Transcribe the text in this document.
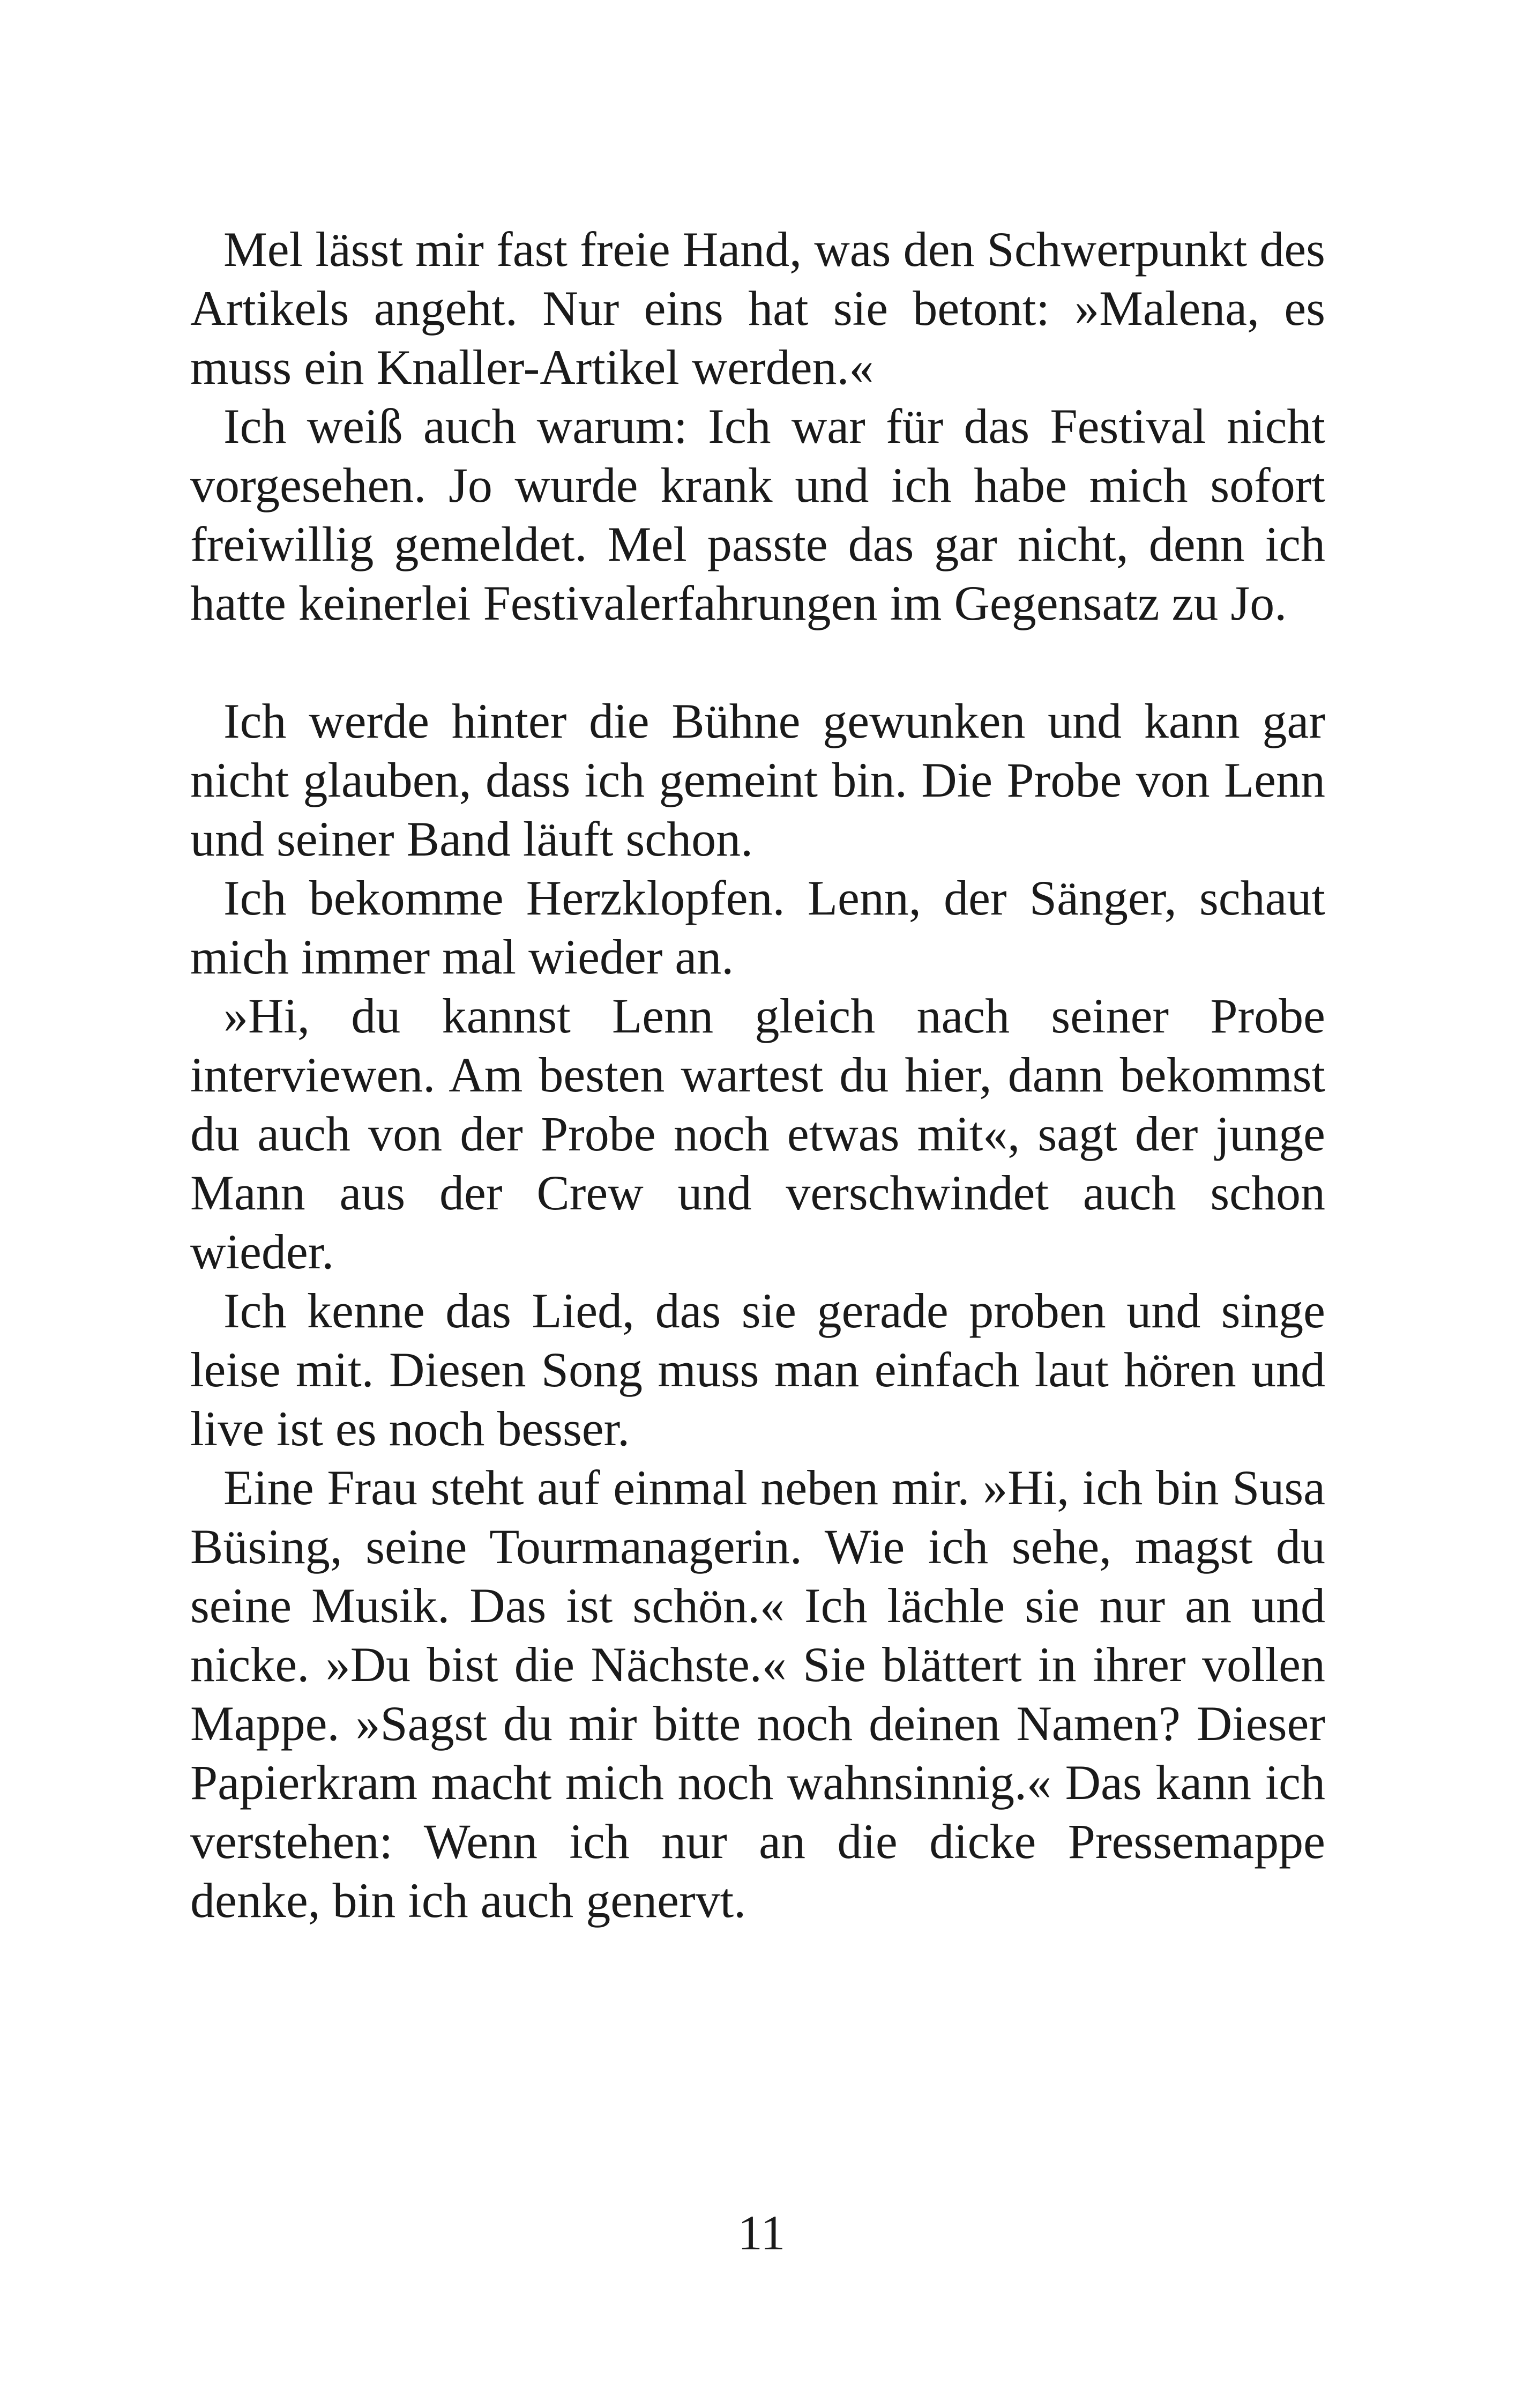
Mel lässt mir fast freie Hand, was den Schwerpunkt des Artikels angeht. Nur eins hat sie betont: »Malena, es muss ein Knaller-Artikel werden.«

Ich weiß auch warum: Ich war für das Festival nicht vorgesehen. Jo wurde krank und ich habe mich sofort freiwillig gemeldet. Mel passte das gar nicht, denn ich hatte keinerlei Festivalerfahrungen im Gegensatz zu Jo.

Ich werde hinter die Bühne gewunken und kann gar nicht glauben, dass ich gemeint bin. Die Probe von Lenn und seiner Band läuft schon.

Ich bekomme Herzklopfen. Lenn, der Sänger, schaut mich immer mal wieder an.

»Hi, du kannst Lenn gleich nach seiner Probe interviewen. Am besten wartest du hier, dann bekommst du auch von der Probe noch etwas mit«, sagt der junge Mann aus der Crew und verschwindet auch schon wieder.

Ich kenne das Lied, das sie gerade proben und singe leise mit. Diesen Song muss man einfach laut hören und live ist es noch besser.

Eine Frau steht auf einmal neben mir. »Hi, ich bin Susa Büsing, seine Tourmanagerin. Wie ich sehe, magst du seine Musik. Das ist schön.« Ich lächle sie nur an und nicke. »Du bist die Nächste.« Sie blättert in ihrer vollen Mappe. »Sagst du mir bitte noch deinen Namen? Dieser Papierkram macht mich noch wahnsinnig.« Das kann ich verstehen: Wenn ich nur an die dicke Pressemappe denke, bin ich auch genervt.

11
